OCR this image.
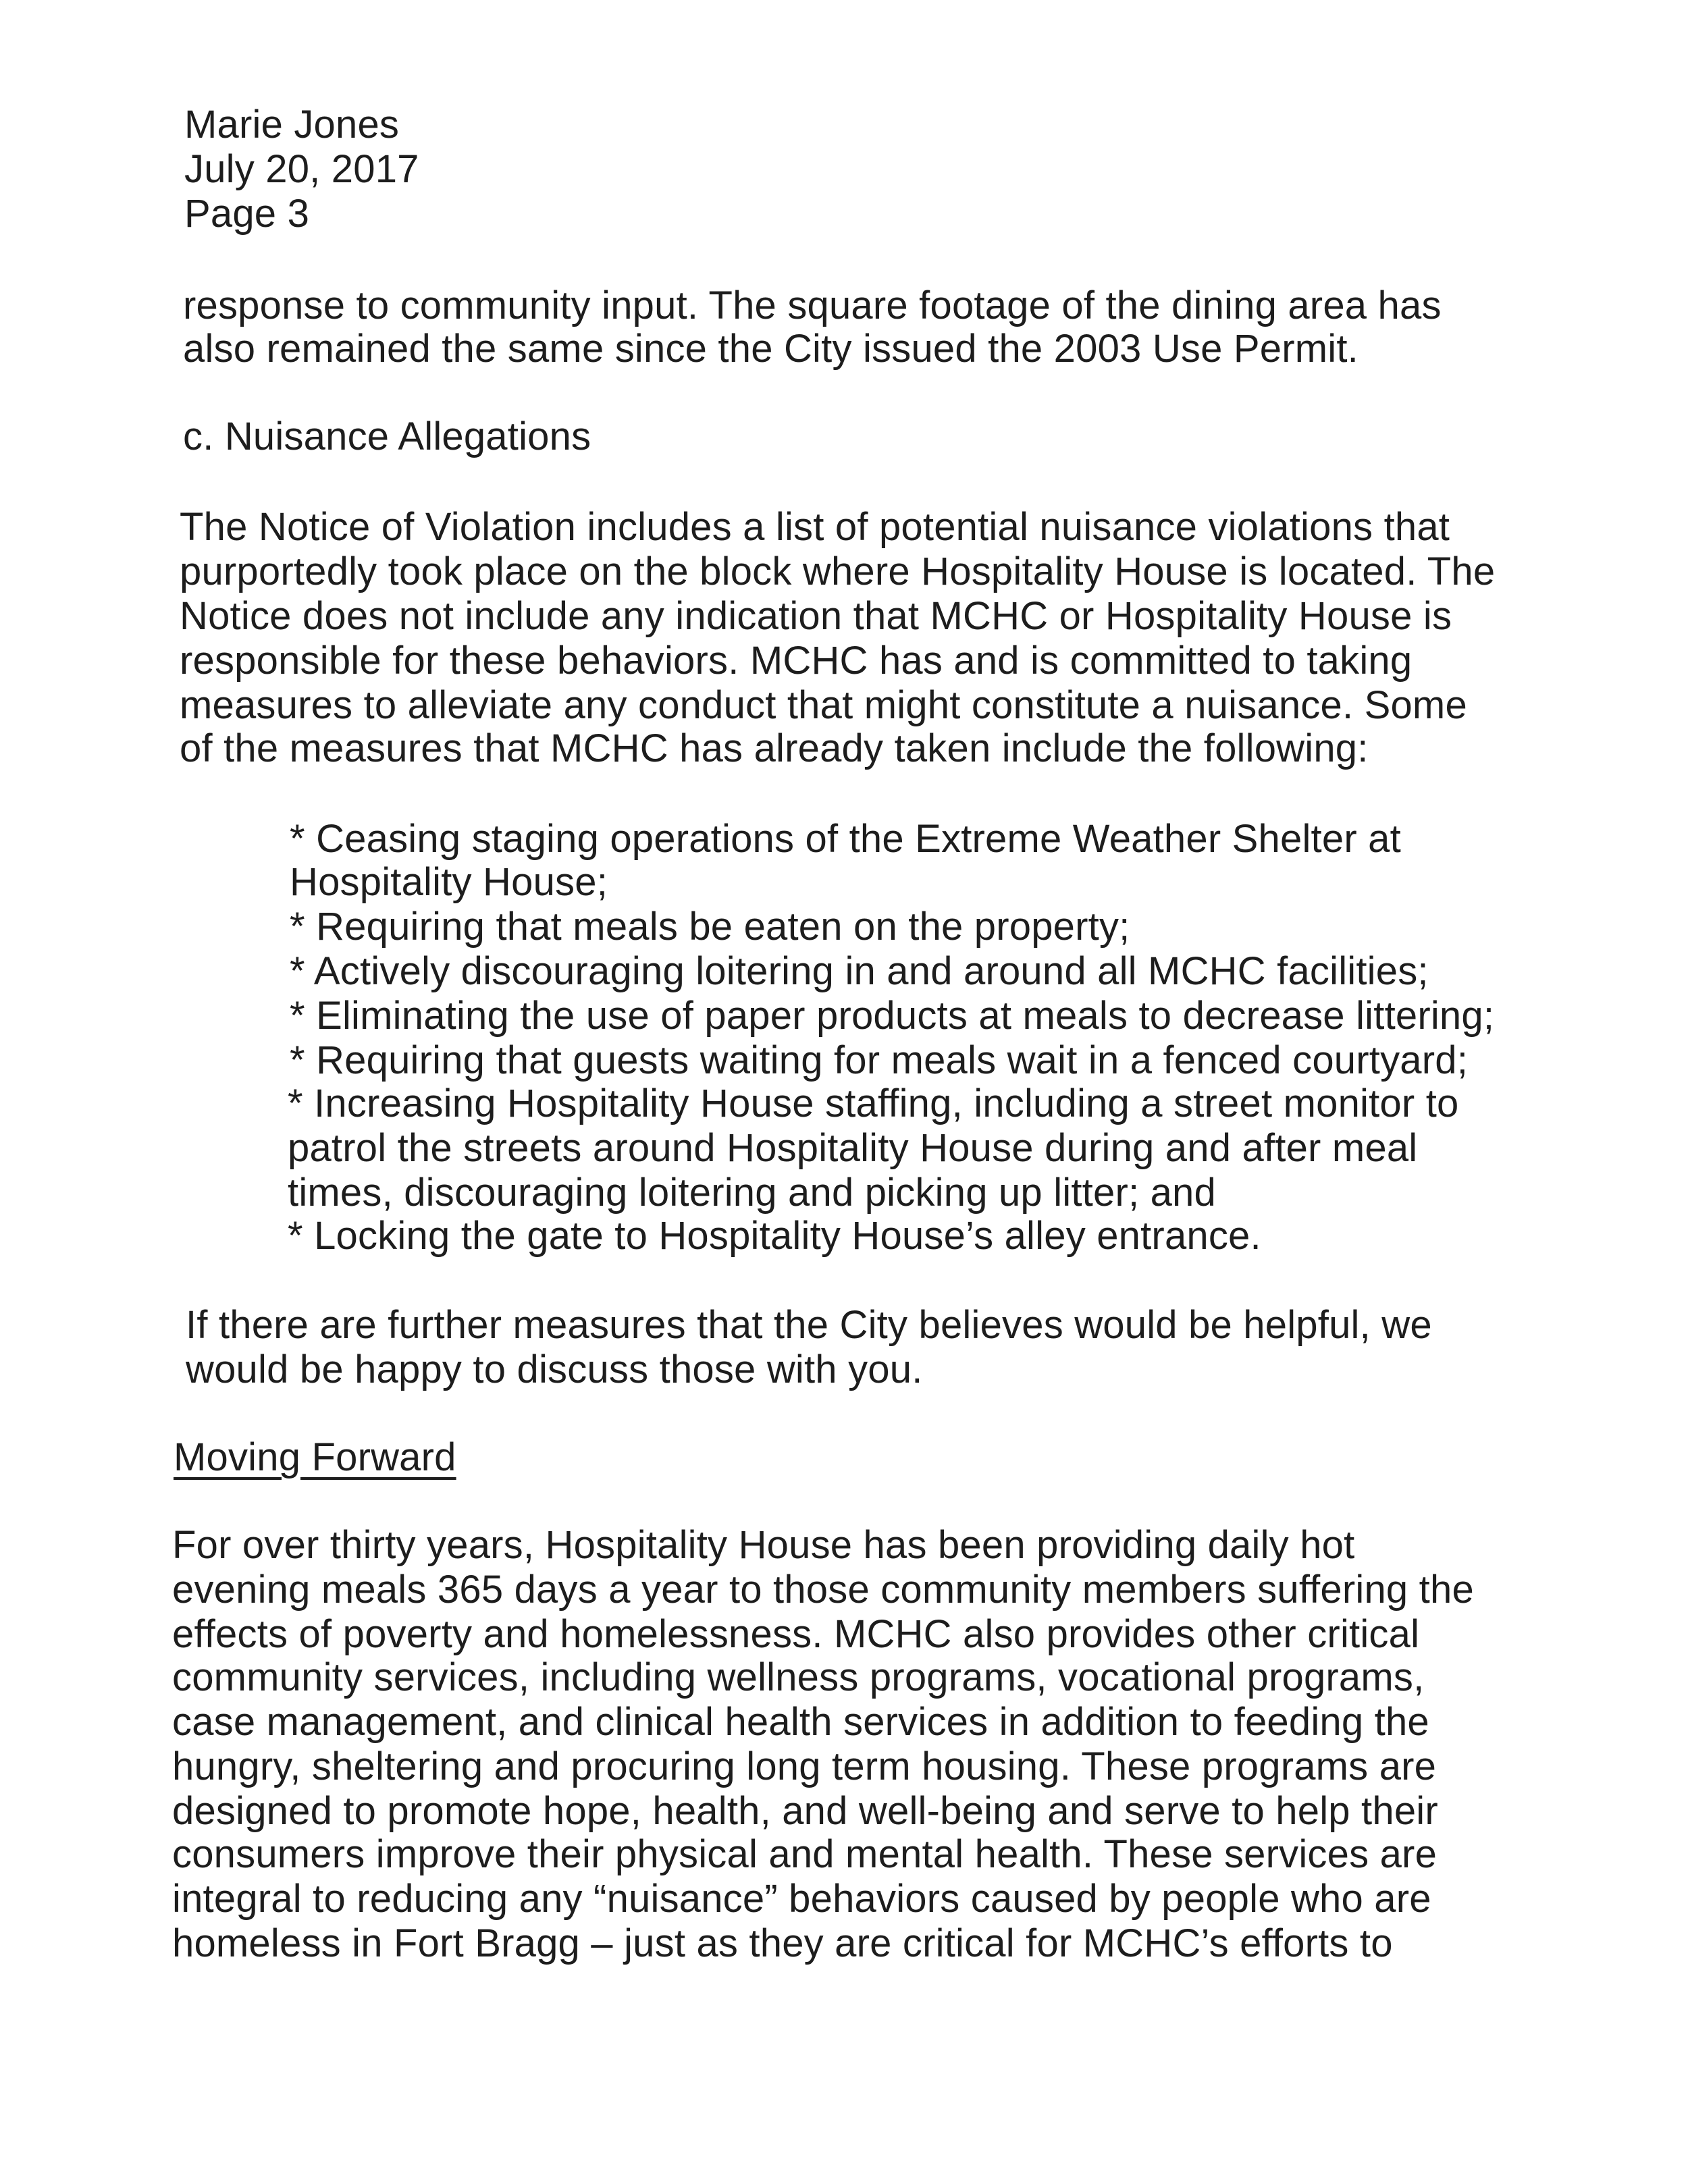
Marie Jones
July 20, 2017
Page 3
response to community input. The square footage of the dining area has
also remained the same since the City issued the 2003 Use Permit.
c. Nuisance Allegations
The Notice of Violation includes a list of potential nuisance violations that
purportedly took place on the block where Hospitality House is located. The
Notice does not include any indication that MCHC or Hospitality House is
responsible for these behaviors. MCHC has and is committed to taking
measures to alleviate any conduct that might constitute a nuisance. Some
of the measures that MCHC has already taken include the following:
* Ceasing staging operations of the Extreme Weather Shelter at
Hospitality House;
* Requiring that meals be eaten on the property;
* Actively discouraging loitering in and around all MCHC facilities;
* Eliminating the use of paper products at meals to decrease littering;
* Requiring that guests waiting for meals wait in a fenced courtyard;
* Increasing Hospitality House staffing, including a street monitor to
patrol the streets around Hospitality House during and after meal
times, discouraging loitering and picking up litter; and
* Locking the gate to Hospitality House’s alley entrance.
If there are further measures that the City believes would be helpful, we
would be happy to discuss those with you.
Moving Forward
For over thirty years, Hospitality House has been providing daily hot
evening meals 365 days a year to those community members suffering the
effects of poverty and homelessness. MCHC also provides other critical
community services, including wellness programs, vocational programs,
case management, and clinical health services in addition to feeding the
hungry, sheltering and procuring long term housing. These programs are
designed to promote hope, health, and well-being and serve to help their
consumers improve their physical and mental health. These services are
integral to reducing any “nuisance” behaviors caused by people who are
homeless in Fort Bragg – just as they are critical for MCHC’s efforts to
